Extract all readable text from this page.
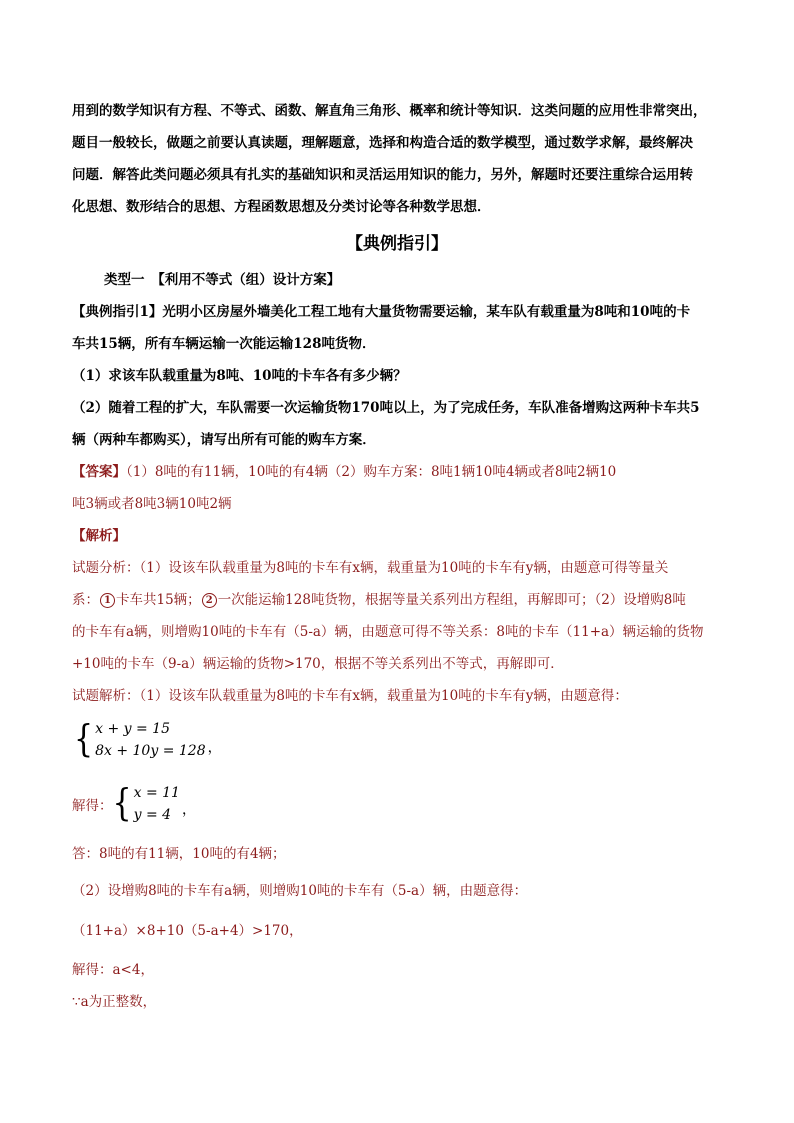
用到的数学知识有方程、不等式、函数、解直角三角形、概率和统计等知识．这类问题的应用性非常突出，
题目一般较长，做题之前要认真读题，理解题意，选择和构造合适的数学模型，通过数学求解，最终解决
问题．解答此类问题必须具有扎实的基础知识和灵活运用知识的能力，另外，解题时还要注重综合运用转
化思想、数形结合的思想、方程函数思想及分类讨论等各种数学思想．
【典例指引】
类型一　【利用不等式（组）设计方案】
【典例指引1】光明小区房屋外墙美化工程工地有大量货物需要运输，某车队有载重量为8吨和10吨的卡
车共15辆，所有车辆运输一次能运输128吨货物．
（1）求该车队载重量为8吨、10吨的卡车各有多少辆？
（2）随着工程的扩大，车队需要一次运输货物170吨以上，为了完成任务，车队准备增购这两种卡车共5
辆（两种车都购买），请写出所有可能的购车方案．
【答案】（1）8吨的有11辆，10吨的有4辆（2）购车方案：8吨1辆10吨4辆或者8吨2辆10
吨3辆或者8吨3辆10吨2辆
【解析】
试题分析：（1）设该车队载重量为8吨的卡车有x辆，载重量为10吨的卡车有y辆，由题意可得等量关
系： 1 卡车共15辆； 2 一次能运输128吨货物，根据等量关系列出方程组，再解即可；（2）设增购8吨
的卡车有a辆，则增购10吨的卡车有（5-a）辆，由题意可得不等关系：8吨的卡车（11+a）辆运输的货物
+10吨的卡车（9-a）辆运输的货物>170，根据不等关系列出不等式，再解即可．
试题解析：（1）设该车队载重量为8吨的卡车有x辆，载重量为10吨的卡车有y辆，由题意得：
{ x + y = 15
8x + 10y = 128 ，
解得： { x = 11
y = 4 ，
答：8吨的有11辆，10吨的有4辆；
（2）设增购8吨的卡车有a辆，则增购10吨的卡车有（5-a）辆，由题意得：
（11+a）×8+10（5-a+4）>170，
解得：a<4，
∵a为正整数，
